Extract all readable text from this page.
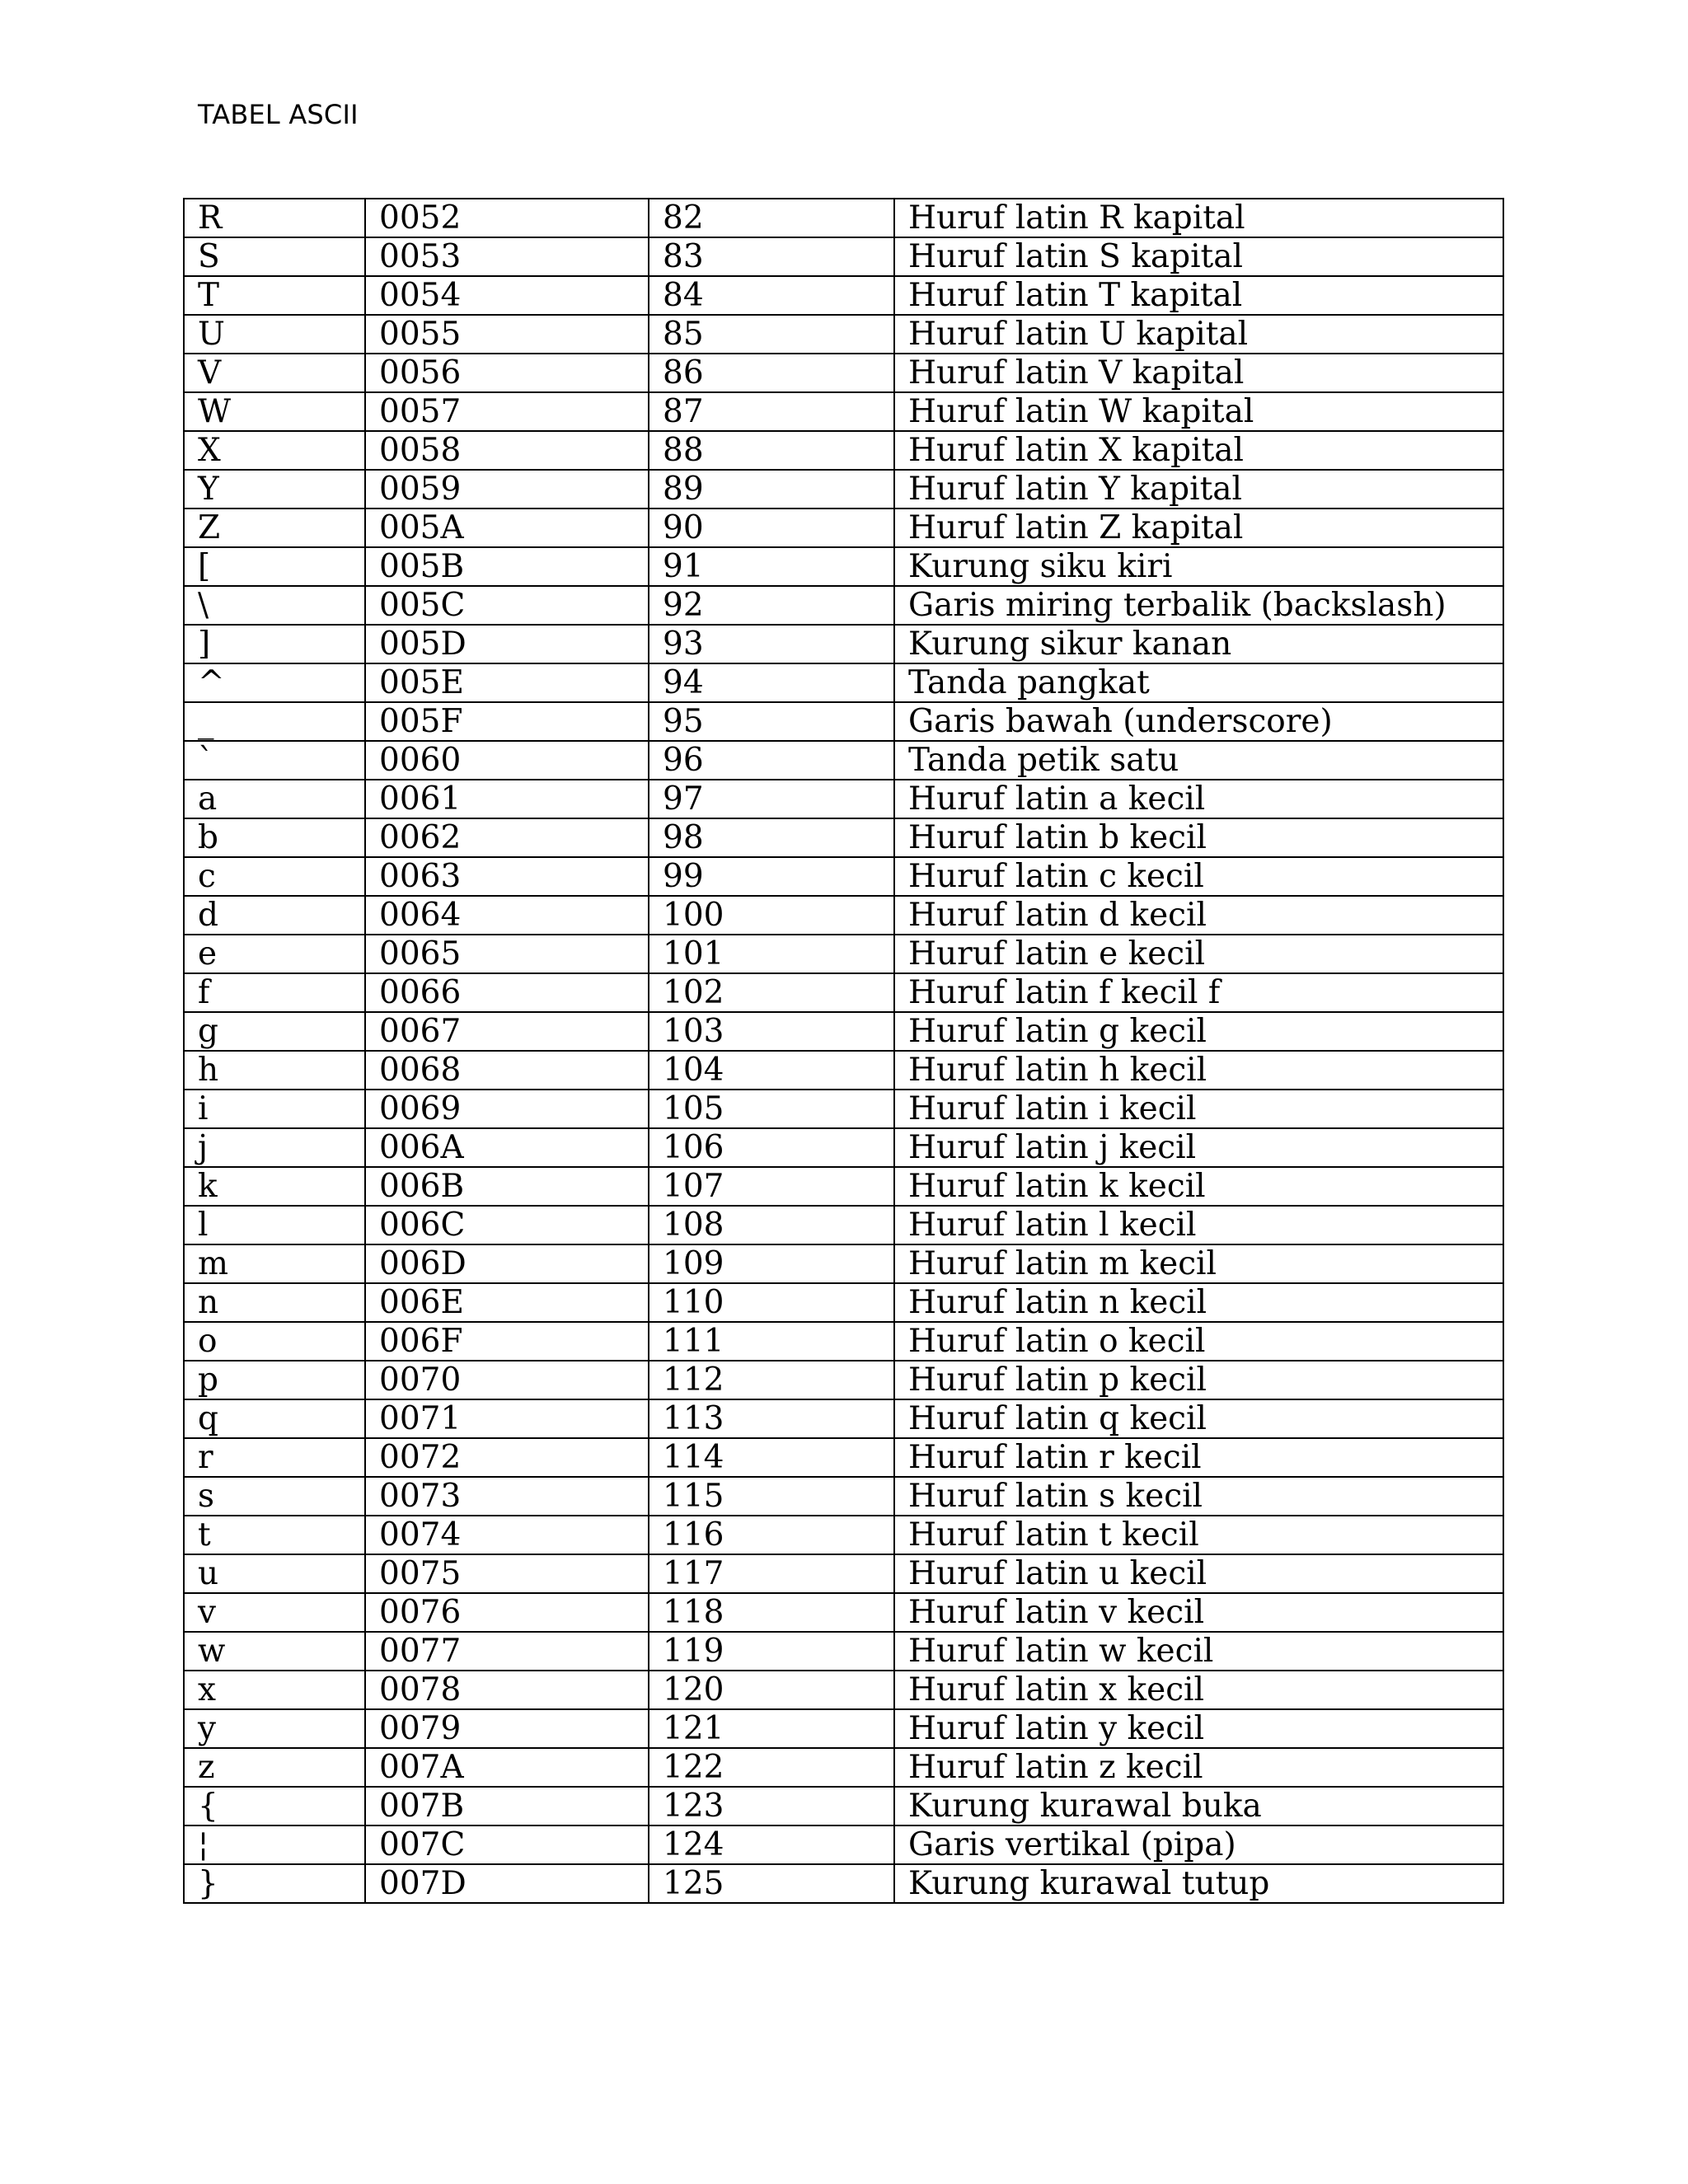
TABEL ASCII
R	0052	82	Huruf latin R kapital
S	0053	83	Huruf latin S kapital
T	0054	84	Huruf latin T kapital
U	0055	85	Huruf latin U kapital
V	0056	86	Huruf latin V kapital
W	0057	87	Huruf latin W kapital
X	0058	88	Huruf latin X kapital
Y	0059	89	Huruf latin Y kapital
Z	005A	90	Huruf latin Z kapital
[	005B	91	Kurung siku kiri
\	005C	92	Garis miring terbalik (backslash)
]	005D	93	Kurung sikur kanan
^	005E	94	Tanda pangkat
_	005F	95	Garis bawah (underscore)
`	0060	96	Tanda petik satu
a	0061	97	Huruf latin a kecil
b	0062	98	Huruf latin b kecil
c	0063	99	Huruf latin c kecil
d	0064	100	Huruf latin d kecil
e	0065	101	Huruf latin e kecil
f	0066	102	Huruf latin f kecil f
g	0067	103	Huruf latin g kecil
h	0068	104	Huruf latin h kecil
i	0069	105	Huruf latin i kecil
j	006A	106	Huruf latin j kecil
k	006B	107	Huruf latin k kecil
l	006C	108	Huruf latin l kecil
m	006D	109	Huruf latin m kecil
n	006E	110	Huruf latin n kecil
o	006F	111	Huruf latin o kecil
p	0070	112	Huruf latin p kecil
q	0071	113	Huruf latin q kecil
r	0072	114	Huruf latin r kecil
s	0073	115	Huruf latin s kecil
t	0074	116	Huruf latin t kecil
u	0075	117	Huruf latin u kecil
v	0076	118	Huruf latin v kecil
w	0077	119	Huruf latin w kecil
x	0078	120	Huruf latin x kecil
y	0079	121	Huruf latin y kecil
z	007A	122	Huruf latin z kecil
{	007B	123	Kurung kurawal buka
¦	007C	124	Garis vertikal (pipa)
}	007D	125	Kurung kurawal tutup
